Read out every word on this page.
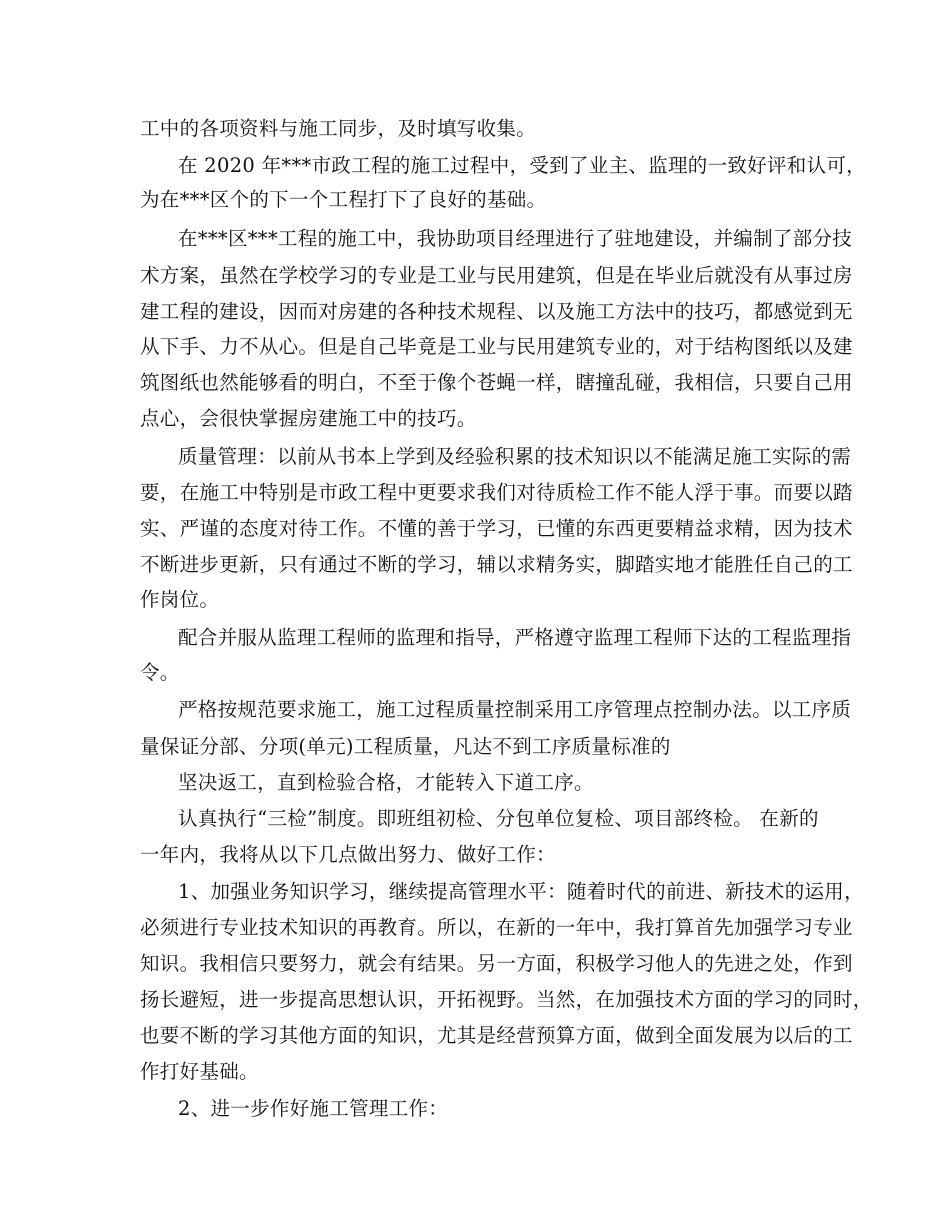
工中的各项资料与施工同步，及时填写收集。
在 2020 年***市政工程的施工过程中，受到了业主、监理的一致好评和认可，
为在***区个的下一个工程打下了良好的基础。
在***区***工程的施工中，我协助项目经理进行了驻地建设，并编制了部分技
术方案，虽然在学校学习的专业是工业与民用建筑，但是在毕业后就没有从事过房
建工程的建设，因而对房建的各种技术规程、以及施工方法中的技巧，都感觉到无
从下手、力不从心。但是自己毕竟是工业与民用建筑专业的，对于结构图纸以及建
筑图纸也然能够看的明白，不至于像个苍蝇一样，瞎撞乱碰，我相信，只要自己用
点心，会很快掌握房建施工中的技巧。
质量管理：以前从书本上学到及经验积累的技术知识以不能满足施工实际的需
要，在施工中特别是市政工程中更要求我们对待质检工作不能人浮于事。而要以踏
实、严谨的态度对待工作。不懂的善于学习，已懂的东西更要精益求精，因为技术
不断进步更新，只有通过不断的学习，辅以求精务实，脚踏实地才能胜任自己的工
作岗位。
配合并服从监理工程师的监理和指导，严格遵守监理工程师下达的工程监理指
令。
严格按规范要求施工，施工过程质量控制采用工序管理点控制办法。以工序质
量保证分部、分项(单元)工程质量，凡达不到工序质量标准的
坚决返工，直到检验合格，才能转入下道工序。
认真执行“三检”制度。即班组初检、分包单位复检、项目部终检。 在新的
一年内，我将从以下几点做出努力、做好工作：
1、加强业务知识学习，继续提高管理水平：随着时代的前进、新技术的运用，
必须进行专业技术知识的再教育。所以，在新的一年中，我打算首先加强学习专业
知识。我相信只要努力，就会有结果。另一方面，积极学习他人的先进之处，作到
扬长避短，进一步提高思想认识，开拓视野。当然，在加强技术方面的学习的同时，
也要不断的学习其他方面的知识，尤其是经营预算方面，做到全面发展为以后的工
作打好基础。
2、进一步作好施工管理工作：
